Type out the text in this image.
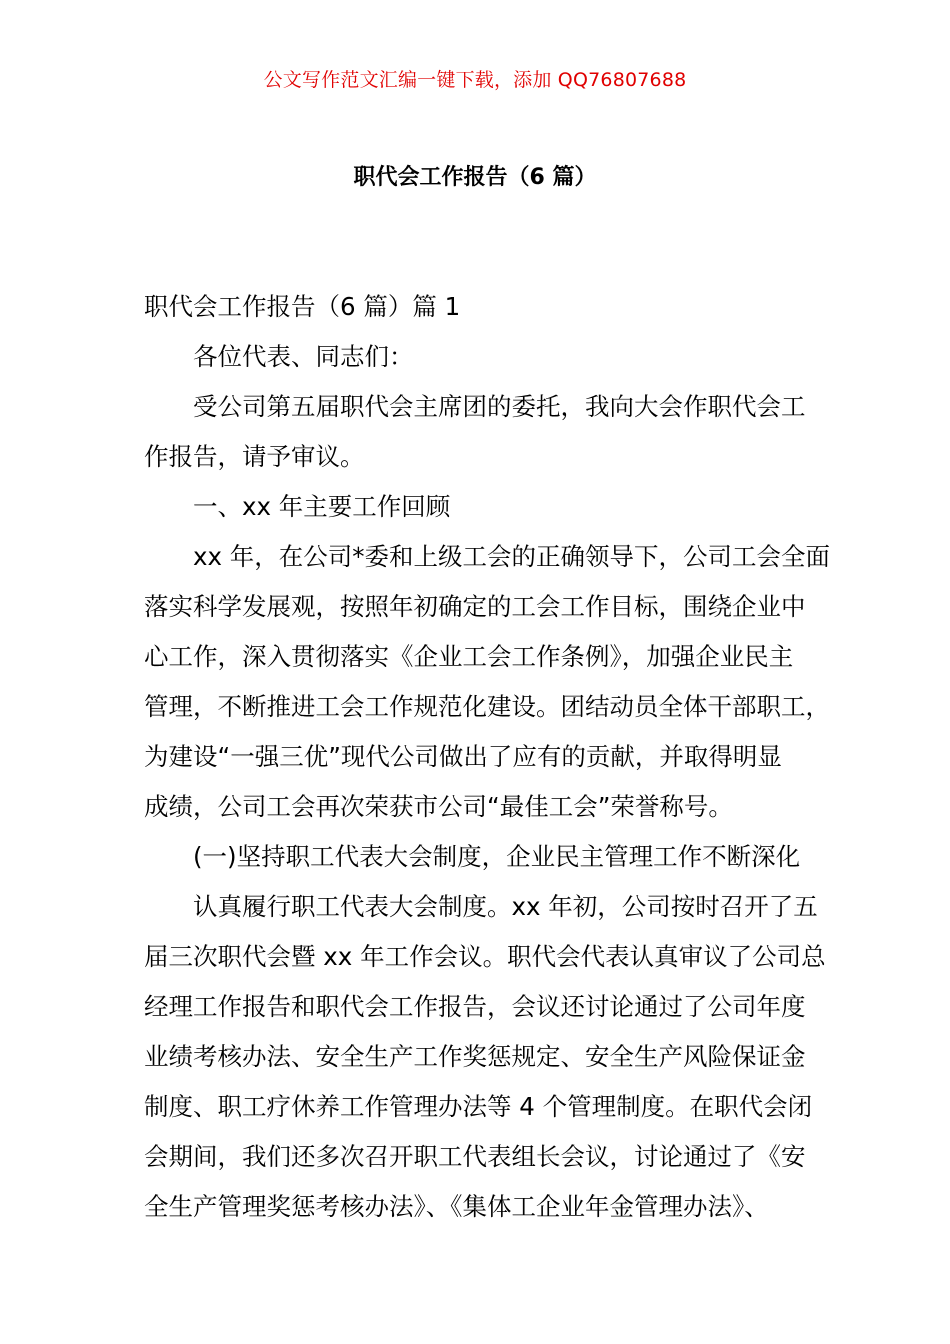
公文写作范文汇编一键下载，添加 QQ76807688
职代会工作报告（6 篇）
职代会工作报告（6 篇）篇 1
各位代表、同志们：
受公司第五届职代会主席团的委托，我向大会作职代会工
作报告，请予审议。
一、xx 年主要工作回顾
xx 年，在公司*委和上级工会的正确领导下，公司工会全面
落实科学发展观，按照年初确定的工会工作目标，围绕企业中
心工作，深入贯彻落实《企业工会工作条例》，加强企业民主
管理，不断推进工会工作规范化建设。团结动员全体干部职工，
为建设“一强三优”现代公司做出了应有的贡献，并取得明显
成绩，公司工会再次荣获市公司“最佳工会”荣誉称号。
(一)坚持职工代表大会制度，企业民主管理工作不断深化
认真履行职工代表大会制度。xx 年初，公司按时召开了五
届三次职代会暨 xx 年工作会议。职代会代表认真审议了公司总
经理工作报告和职代会工作报告，会议还讨论通过了公司年度
业绩考核办法、安全生产工作奖惩规定、安全生产风险保证金
制度、职工疗休养工作管理办法等 4 个管理制度。在职代会闭
会期间，我们还多次召开职工代表组长会议，讨论通过了《安
全生产管理奖惩考核办法》、《集体工企业年金管理办法》、
